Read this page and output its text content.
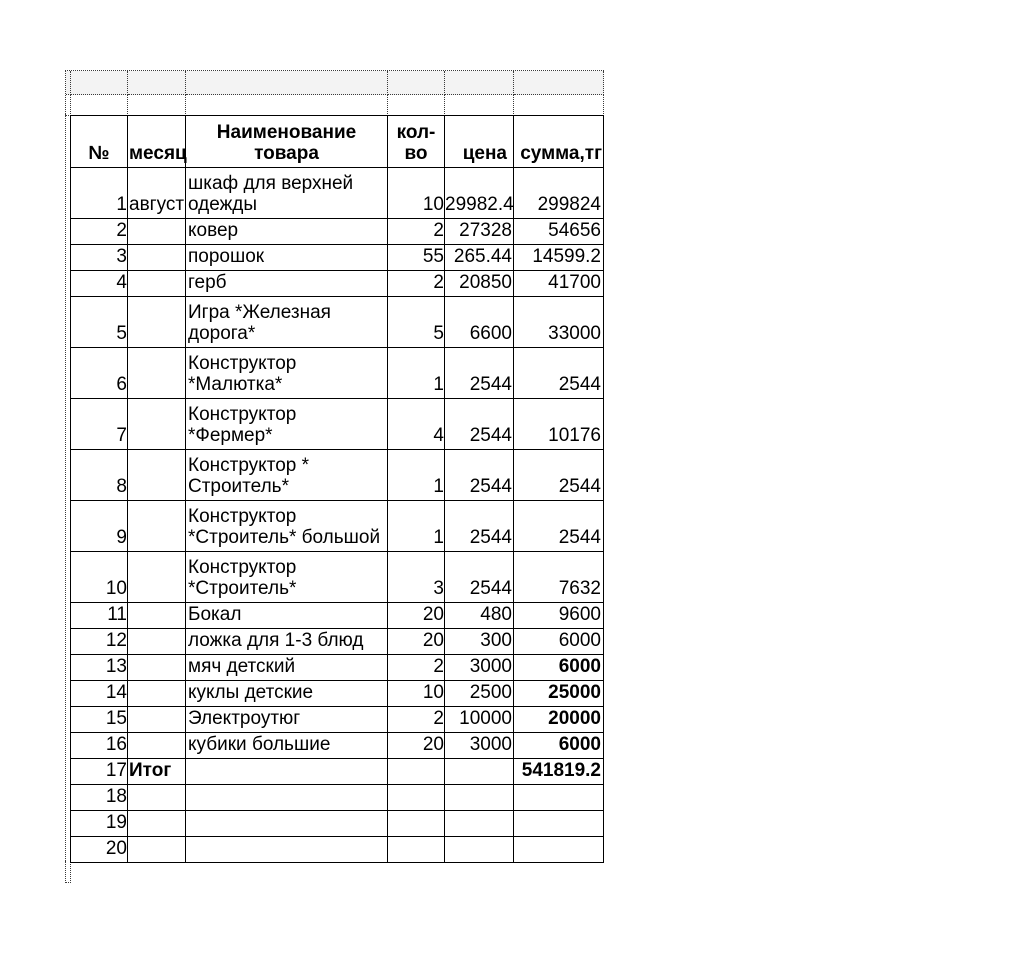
№	месяц	Наименование товара	кол-во	цена	сумма,тг
1	август	шкаф для верхней одежды	10	29982.4	299824
2		ковер	2	27328	54656
3		порошок	55	265.44	14599.2
4		герб	2	20850	41700
5		Игра *Железная дорога*	5	6600	33000
6		Конструктор *Малютка*	1	2544	2544
7		Конструктор *Фермер*	4	2544	10176
8		Конструктор * Строитель*	1	2544	2544
9		Конструктор *Строитель* большой	1	2544	2544
10		Конструктор *Строитель*	3	2544	7632
11		Бокал	20	480	9600
12		ложка для 1-3 блюд	20	300	6000
13		мяч детский	2	3000	6000
14		куклы детские	10	2500	25000
15		Электроутюг	2	10000	20000
16		кубики большие	20	3000	6000
17	Итог				541819.2
18					
19					
20					
